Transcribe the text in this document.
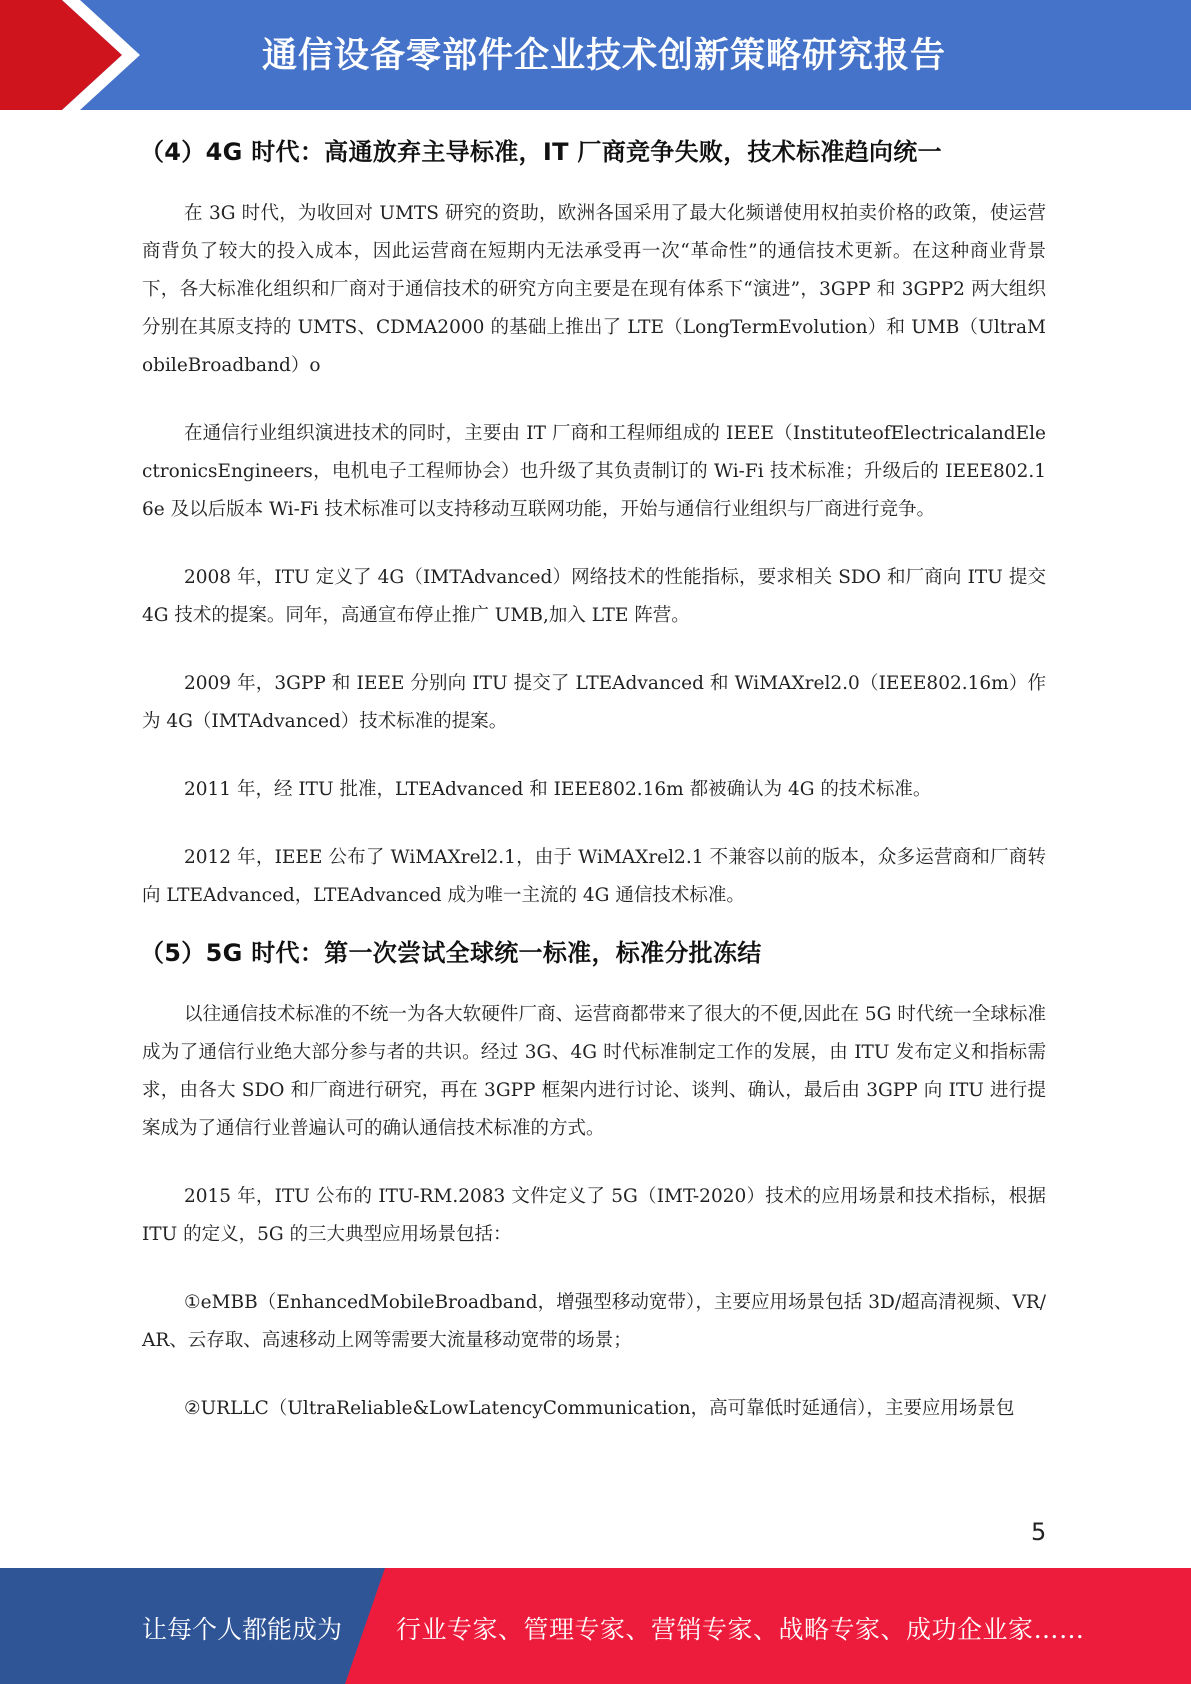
通信设备零部件企业技术创新策略研究报告
（4）4G 时代：高通放弃主导标准，IT 厂商竞争失败，技术标准趋向统一

在 3G 时代，为收回对 UMTS 研究的资助，欧洲各国采用了最大化频谱使用权拍卖价格的政策，使运营商背负了较大的投入成本，因此运营商在短期内无法承受再一次“革命性”的通信技术更新。在这种商业背景下，各大标准化组织和厂商对于通信技术的研究方向主要是在现有体系下“演进”，3GPP 和 3GPP2 两大组织分别在其原支持的 UMTS、CDMA2000 的基础上推出了 LTE（LongTermEvolution）和 UMB（UltraMobileBroadband）o

在通信行业组织演进技术的同时，主要由 IT 厂商和工程师组成的 IEEE（InstituteofElectricalandElectronicsEngineers，电机电子工程师协会）也升级了其负责制订的 Wi-Fi 技术标准；升级后的 IEEE802.16e 及以后版本 Wi-Fi 技术标准可以支持移动互联网功能，开始与通信行业组织与厂商进行竞争。

2008 年，ITU 定义了 4G（IMTAdvanced）网络技术的性能指标，要求相关 SDO 和厂商向 ITU 提交 4G 技术的提案。同年，高通宣布停止推广 UMB,加入 LTE 阵营。

2009 年，3GPP 和 IEEE 分别向 ITU 提交了 LTEAdvanced 和 WiMAXrel2.0（IEEE802.16m）作为 4G（IMTAdvanced）技术标准的提案。

2011 年，经 ITU 批准，LTEAdvanced 和 IEEE802.16m 都被确认为 4G 的技术标准。

2012 年，IEEE 公布了 WiMAXrel2.1，由于 WiMAXrel2.1 不兼容以前的版本，众多运营商和厂商转向 LTEAdvanced，LTEAdvanced 成为唯一主流的 4G 通信技术标准。

（5）5G 时代：第一次尝试全球统一标准，标准分批冻结

以往通信技术标准的不统一为各大软硬件厂商、运营商都带来了很大的不便,因此在 5G 时代统一全球标准成为了通信行业绝大部分参与者的共识。经过 3G、4G 时代标准制定工作的发展，由 ITU 发布定义和指标需求，由各大 SDO 和厂商进行研究，再在 3GPP 框架内进行讨论、谈判、确认，最后由 3GPP 向 ITU 进行提案成为了通信行业普遍认可的确认通信技术标准的方式。

2015 年，ITU 公布的 ITU-RM.2083 文件定义了 5G（IMT-2020）技术的应用场景和技术指标，根据 ITU 的定义，5G 的三大典型应用场景包括：

①eMBB（EnhancedMobileBroadband，增强型移动宽带），主要应用场景包括 3D/超高清视频、VR/AR、云存取、高速移动上网等需要大流量移动宽带的场景；

②URLLC（UltraReliable&LowLatencyCommunication，高可靠低时延通信），主要应用场景包

5
让每个人都能成为 行业专家、管理专家、营销专家、战略专家、成功企业家……
